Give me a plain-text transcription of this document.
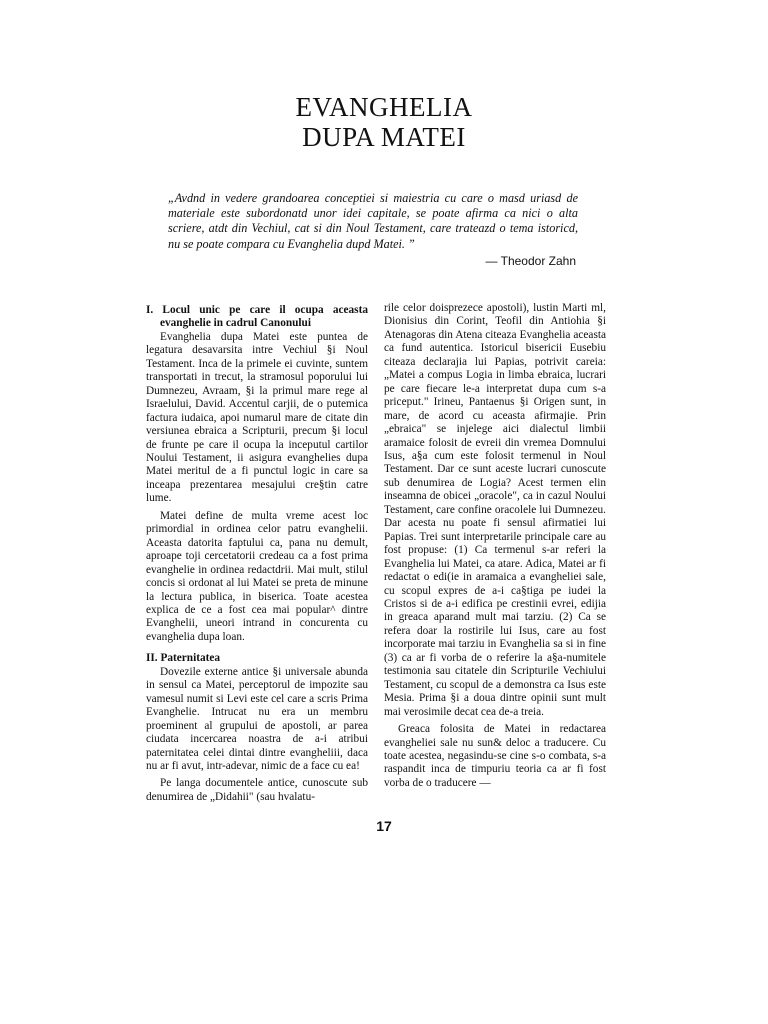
EVANGHELIA
DUPA MATEI

„Avdnd in vedere grandoarea conceptiei si maiestria cu care o masd uriasd de materiale este subordonatd unor idei capitale, se poate afirma ca nici o alta scriere, atdt din Vechiul, cat si din Noul Testament, care trateazd o tema istoricd, nu se poate compara cu Evanghelia dupd Matei. ”

— Theodor Zahn
I. Locul unic pe care il ocupa aceasta evanghelie in cadrul Canonului

Evanghelia dupa Matei este puntea de legatura desavarsita intre Vechiul §i Noul Testament. Inca de la primele ei cuvinte, suntem transportati in trecut, la stramosul poporului lui Dumnezeu, Avraam, §i la primul mare rege al Israelului, David. Accentul carjii, de o putemica factura iudaica, apoi numarul mare de citate din versiunea ebraica a Scripturii, precum §i locul de frunte pe care il ocupa la inceputul cartilor Noului Testament, ii asigura evanghelies dupa Matei meritul de a fi punctul logic in care sa inceapa prezentarea mesajului cre§tin catre lume.

Matei define de multa vreme acest loc primordial in ordinea celor patru evanghelii. Aceasta datorita faptului ca, pana nu demult, aproape toji cercetatorii credeau ca a fost prima evanghelie in ordinea redactdrii. Mai mult, stilul concis si ordonat al lui Matei se preta de minune la lectura publica, in biserica. Toate acestea explica de ce a fost cea mai popular^ dintre Evanghelii, uneori intrand in concurenta cu evanghelia dupa loan.

II. Paternitatea

Dovezile externe antice §i universale abunda in sensul ca Matei, perceptorul de impozite sau vamesul numit si Levi este cel care a scris Prima Evanghelie. Intrucat nu era un membru proeminent al grupului de apostoli, ar parea ciudata incercarea noastra de a-i atribui paternitatea celei dintai dintre evangheliii, daca nu ar fi avut, intr-adevar, nimic de a face cu ea!

Pe langa documentele antice, cunoscute sub denumirea de „Didahii" (sau hvalatu-

rile celor doisprezece apostoli), lustin Marti ml, Dionisius din Corint, Teofil din Antiohia §i Atenagoras din Atena citeaza Evanghelia aceasta ca fund autentica. Istoricul bisericii Eusebiu citeaza declarajia lui Papias, potrivit careia: „Matei a compus Logia in limba ebraica, lucrari pe care fiecare le-a interpretat dupa cum s-a priceput." Irineu, Pantaenus §i Origen sunt, in mare, de acord cu aceasta afirmajie. Prin „ebraica" se injelege aici dialectul limbii aramaice folosit de evreii din vremea Domnului Isus, a§a cum este folosit termenul in Noul Testament. Dar ce sunt aceste lucrari cunoscute sub denumirea de Logia? Acest termen elin inseamna de obicei „oracole", ca in cazul Noului Testament, care confine oracolele lui Dumnezeu. Dar acesta nu poate fi sensul afirmatiei lui Papias. Trei sunt interpretarile principale care au fost propuse: (1) Ca termenul s-ar referi la Evanghelia lui Matei, ca atare. Adica, Matei ar fi redactat o edi(ie in aramaica a evangheliei sale, cu scopul expres de a-i ca§tiga pe iudei la Cristos si de a-i edifica pe crestinii evrei, edijia in greaca aparand mult mai tarziu. (2) Ca se refera doar la rostirile lui Isus, care au fost incorporate mai tarziu in Evanghelia sa si in fine (3) ca ar fi vorba de o referire la a§a-numitele testimonia sau citatele din Scripturile Vechiului Testament, cu scopul de a demonstra ca Isus este Mesia. Prima §i a doua dintre opinii sunt mult mai verosimile decat cea de-a treia.

Greaca folosita de Matei in redactarea evangheliei sale nu sun& deloc a traducere. Cu toate acestea, negasindu-se cine s-o combata, s-a raspandit inca de timpuriu teoria ca ar fi fost vorba de o traducere —

17
